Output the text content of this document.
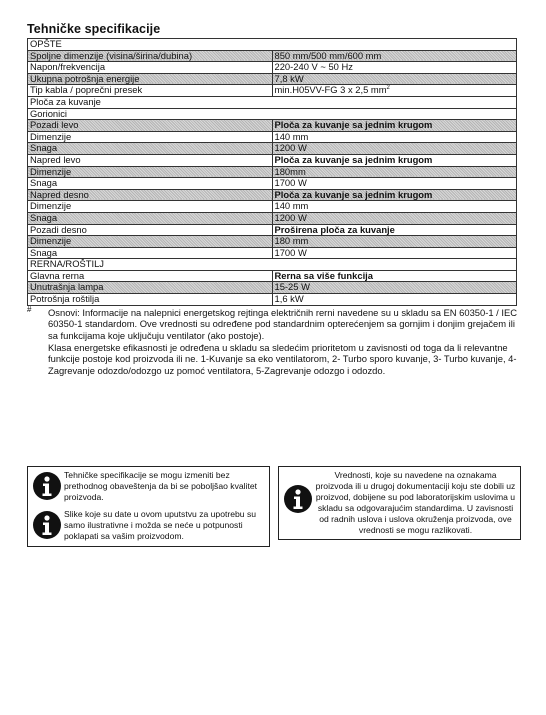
Tehničke specifikacije
OPŠTE	
Spoljne dimenzije (visina/širina/dubina)	850 mm/500 mm/600 mm
Napon/frekvencija	220-240 V ~ 50 Hz
Ukupna potrošnja energije	7,8 kW
Tip kabla / poprečni presek	min.H05VV-FG 3 x 2,5 $mm^2$
Ploča za kuvanje	
Gorionici	
Pozadi levo	Ploča za kuvanje sa jednim krugom
Dimenzije	140 mm
Snaga	1200 W
Napred levo	Ploča za kuvanje sa jednim krugom
Dimenzije	180mm
Snaga	1700 W
Napred desno	Ploča za kuvanje sa jednim krugom
Dimenzije	140 mm
Snaga	1200 W
Pozadi desno	Proširena ploča za kuvanje
Dimenzije	180 mm
Snaga	1700 W
RERNA/ROŠTILJ	
Glavna rerna	Rerna sa više funkcija
Unutrašnja lampa	15-25 W
Potrošnja roštilja	1,6 kW
# Osnovi: Informacije na nalepnici energetskog rejtinga električnih rerni navedene su u skladu sa EN 60350-1 / IEC 60350-1 standardom. Ove vrednosti su određene pod standardnim opterećenjem sa gornjim i donjim grejačem ili sa funkcijama koje uključuju ventilator (ako postoje).

Klasa energetske efikasnosti je određena u skladu sa sledećim prioritetom u zavisnosti od toga da li relevantne funkcije postoje kod proizvoda ili ne. 1-Kuvanje sa eko ventilatorom, 2- Turbo sporo kuvanje, 3- Turbo kuvanje, 4- Zagrevanje odozdo/odozgo uz pomoć ventilatora, 5-Zagrevanje odozgo i odozdo.

Tehničke specifikacije se mogu izmeniti bez prethodnog obaveštenja da bi se poboljšao kvalitet proizvoda.
Slike koje su date u ovom uputstvu za upotrebu su samo ilustrativne i možda se neće u potpunosti poklapati sa vašim proizvodom.
Vrednosti, koje su navedene na oznakama proizvoda ili u drugoj dokumentaciji koju ste dobili uz proizvod, dobijene su pod laboratorijskim uslovima u skladu sa odgovarajućim standardima. U zavisnosti od radnih uslova i uslova okruženja proizvoda, ove vrednosti se mogu razlikovati.
